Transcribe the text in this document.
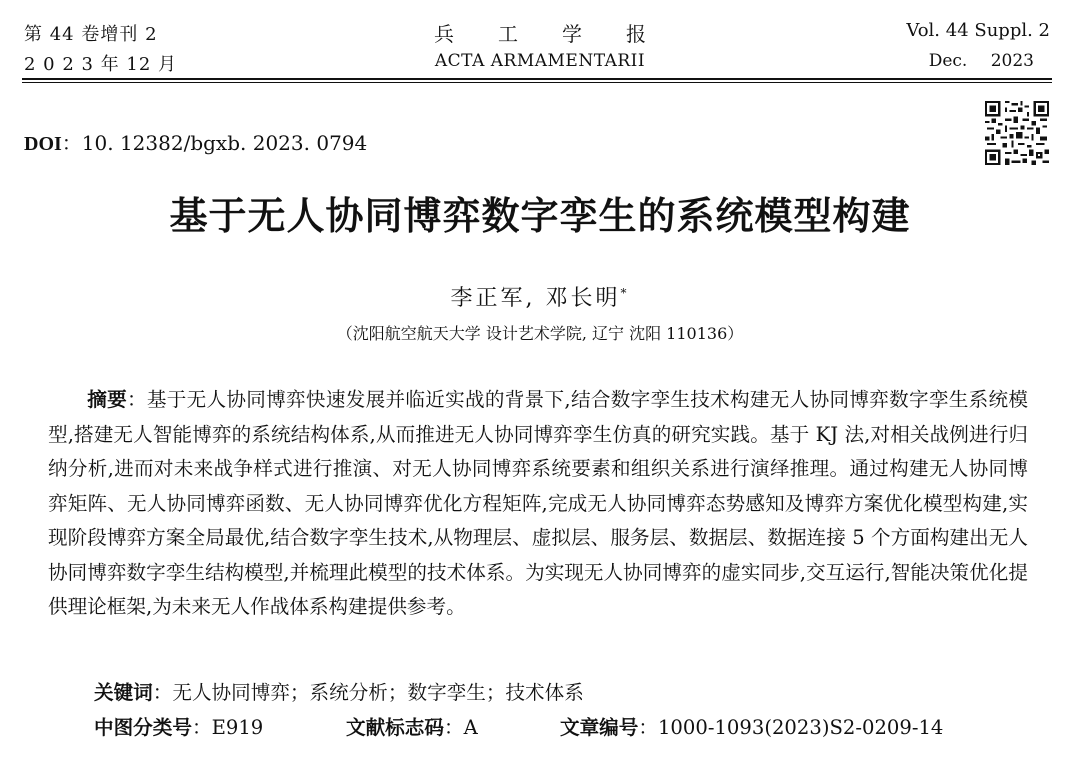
第 44 卷增刊 2
2 0 2 3 年 12 月
兵 工 学 报
ACTA ARMAMENTARII
Vol. 44 Suppl. 2
Dec. 2023
DOI：10. 12382/bgxb. 2023. 0794
基于无人协同博弈数字孪生的系统模型构建
李正军, 邓长明*
（沈阳航空航天大学 设计艺术学院, 辽宁 沈阳 110136）
摘要：基于无人协同博弈快速发展并临近实战的背景下,结合数字孪生技术构建无人协同博弈数字孪生系统模型,搭建无人智能博弈的系统结构体系,从而推进无人协同博弈孪生仿真的研究实践。基于 KJ 法,对相关战例进行归纳分析,进而对未来战争样式进行推演、对无人协同博弈系统要素和组织关系进行演绎推理。通过构建无人协同博弈矩阵、无人协同博弈函数、无人协同博弈优化方程矩阵,完成无人协同博弈态势感知及博弈方案优化模型构建,实现阶段博弈方案全局最优,结合数字孪生技术,从物理层、虚拟层、服务层、数据层、数据连接 5 个方面构建出无人协同博弈数字孪生结构模型,并梳理此模型的技术体系。为实现无人协同博弈的虚实同步,交互运行,智能决策优化提供理论框架,为未来无人作战体系构建提供参考。
关键词：无人协同博弈；系统分析；数字孪生；技术体系
中图分类号：E919	文献标志码：A	文章编号：1000-1093(2023)S2-0209-14
